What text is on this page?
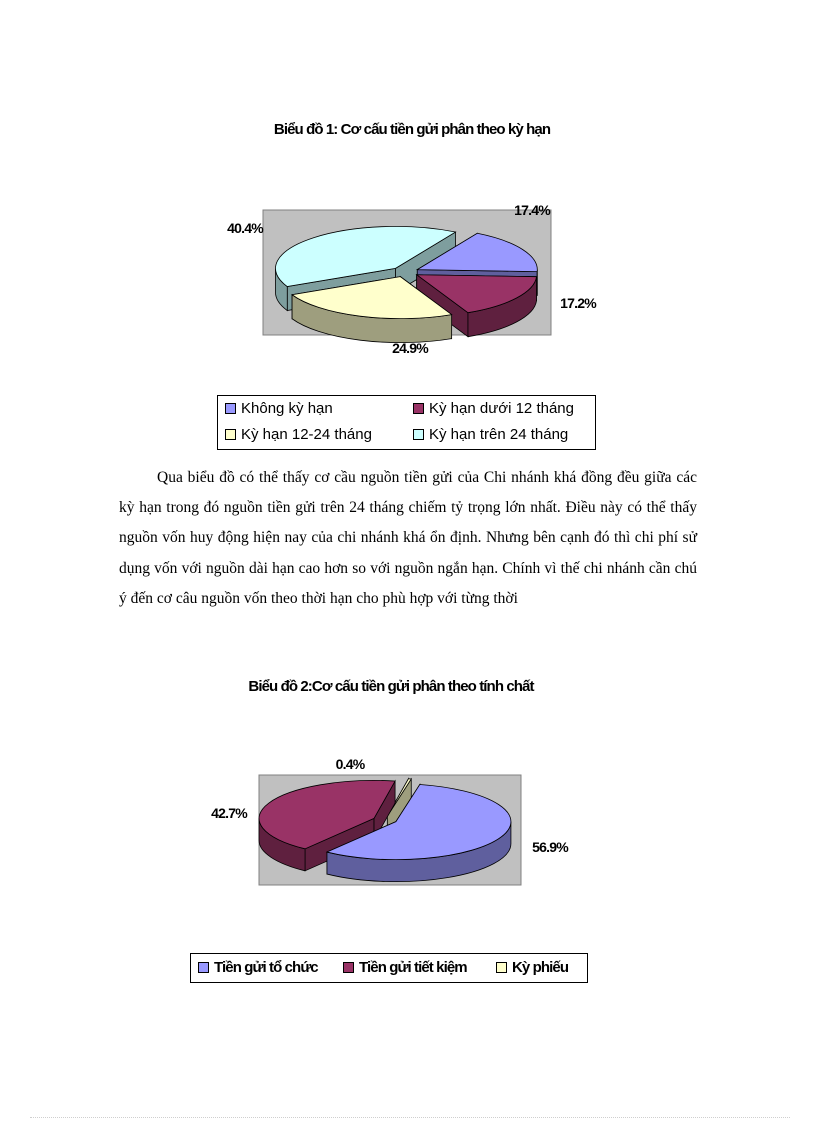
Biểu đồ 1: Cơ cấu tiền gửi phân theo kỳ hạn
17.4%
17.2%
24.9%
40.4%
Không kỳ hạn	Kỳ hạn dưới 12 tháng
Kỳ hạn 12-24 tháng	Kỳ hạn trên 24 tháng

Qua biểu đồ có thể thấy cơ cầu nguồn tiền gửi của Chi nhánh khá đồng đều giữa các kỳ hạn trong đó nguồn tiền gửi trên 24 tháng chiếm tỷ trọng lớn nhất. Điều này có thể thấy nguồn vốn huy động hiện nay của chi nhánh khá ổn định. Nhưng bên cạnh đó thì chi phí sử dụng vốn với nguồn dài hạn cao hơn so với nguồn ngắn hạn. Chính vì thế chi nhánh cần chú ý đến cơ câu nguồn vốn theo thời hạn cho phù hợp với từng thời

Biểu đồ 2:Cơ cấu tiền gửi phân theo tính chất
56.9%
42.7%
0.4%
Tiền gửi tổ chức	Tiền gửi tiết kiệm	Kỳ phiếu
